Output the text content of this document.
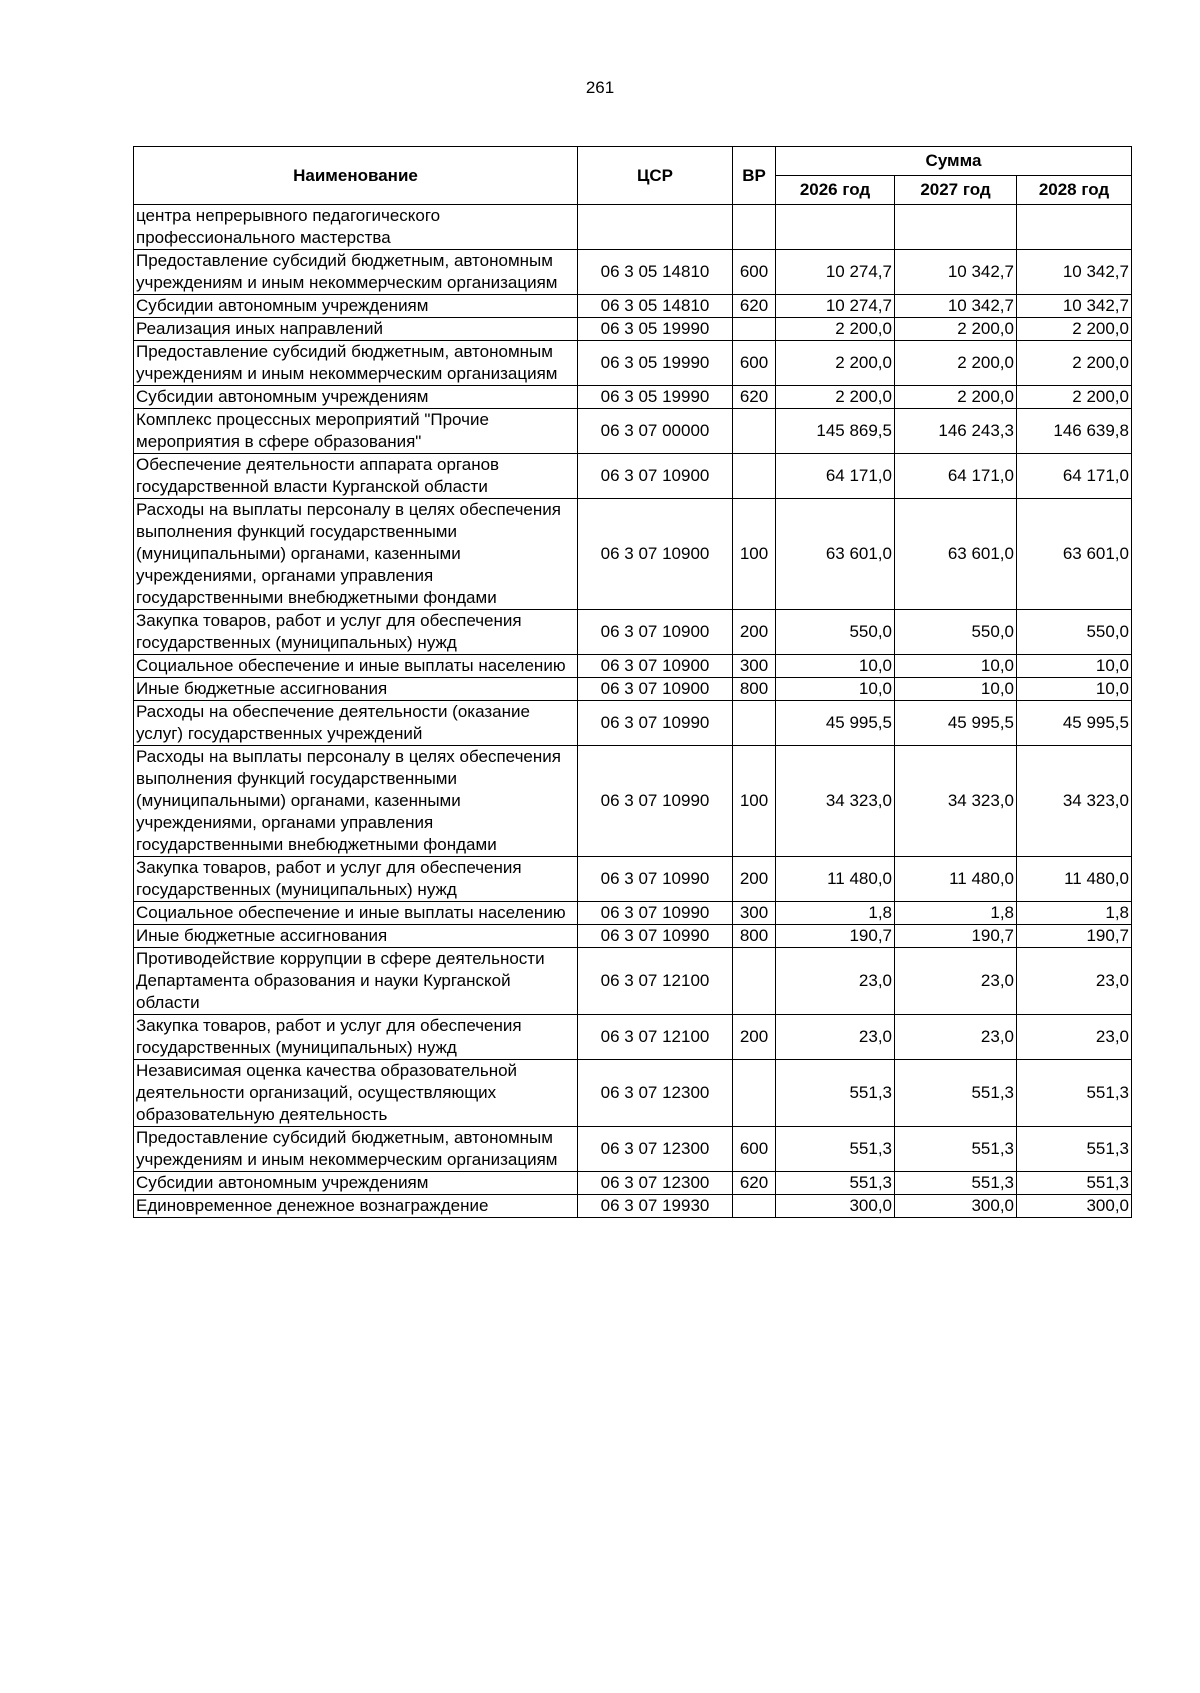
261
Наименование	ЦСР	ВР	Сумма		
			2026 год	2027 год	2028 год
центра непрерывного педагогического профессионального мастерства					
Предоставление субсидий бюджетным, автономным учреждениям и иным некоммерческим организациям	06 3 05 14810	600	10 274,7	10 342,7	10 342,7
Субсидии автономным учреждениям	06 3 05 14810	620	10 274,7	10 342,7	10 342,7
Реализация иных направлений	06 3 05 19990		2 200,0	2 200,0	2 200,0
Предоставление субсидий бюджетным, автономным учреждениям и иным некоммерческим организациям	06 3 05 19990	600	2 200,0	2 200,0	2 200,0
Субсидии автономным учреждениям	06 3 05 19990	620	2 200,0	2 200,0	2 200,0
Комплекс процессных мероприятий "Прочие мероприятия в сфере образования"	06 3 07 00000		145 869,5	146 243,3	146 639,8
Обеспечение деятельности аппарата органов государственной власти Курганской области	06 3 07 10900		64 171,0	64 171,0	64 171,0
Расходы на выплаты персоналу в целях обеспечения выполнения функций государственными (муниципальными) органами, казенными учреждениями, органами управления государственными внебюджетными фондами	06 3 07 10900	100	63 601,0	63 601,0	63 601,0
Закупка товаров, работ и услуг для обеспечения государственных (муниципальных) нужд	06 3 07 10900	200	550,0	550,0	550,0
Социальное обеспечение и иные выплаты населению	06 3 07 10900	300	10,0	10,0	10,0
Иные бюджетные ассигнования	06 3 07 10900	800	10,0	10,0	10,0
Расходы на обеспечение деятельности (оказание услуг) государственных учреждений	06 3 07 10990		45 995,5	45 995,5	45 995,5
Расходы на выплаты персоналу в целях обеспечения выполнения функций государственными (муниципальными) органами, казенными учреждениями, органами управления государственными внебюджетными фондами	06 3 07 10990	100	34 323,0	34 323,0	34 323,0
Закупка товаров, работ и услуг для обеспечения государственных (муниципальных) нужд	06 3 07 10990	200	11 480,0	11 480,0	11 480,0
Социальное обеспечение и иные выплаты населению	06 3 07 10990	300	1,8	1,8	1,8
Иные бюджетные ассигнования	06 3 07 10990	800	190,7	190,7	190,7
Противодействие коррупции в сфере деятельности Департамента образования и науки Курганской области	06 3 07 12100		23,0	23,0	23,0
Закупка товаров, работ и услуг для обеспечения государственных (муниципальных) нужд	06 3 07 12100	200	23,0	23,0	23,0
Независимая оценка качества образовательной деятельности организаций, осуществляющих образовательную деятельность	06 3 07 12300		551,3	551,3	551,3
Предоставление субсидий бюджетным, автономным учреждениям и иным некоммерческим организациям	06 3 07 12300	600	551,3	551,3	551,3
Субсидии автономным учреждениям	06 3 07 12300	620	551,3	551,3	551,3
Единовременное денежное вознаграждение	06 3 07 19930		300,0	300,0	300,0
